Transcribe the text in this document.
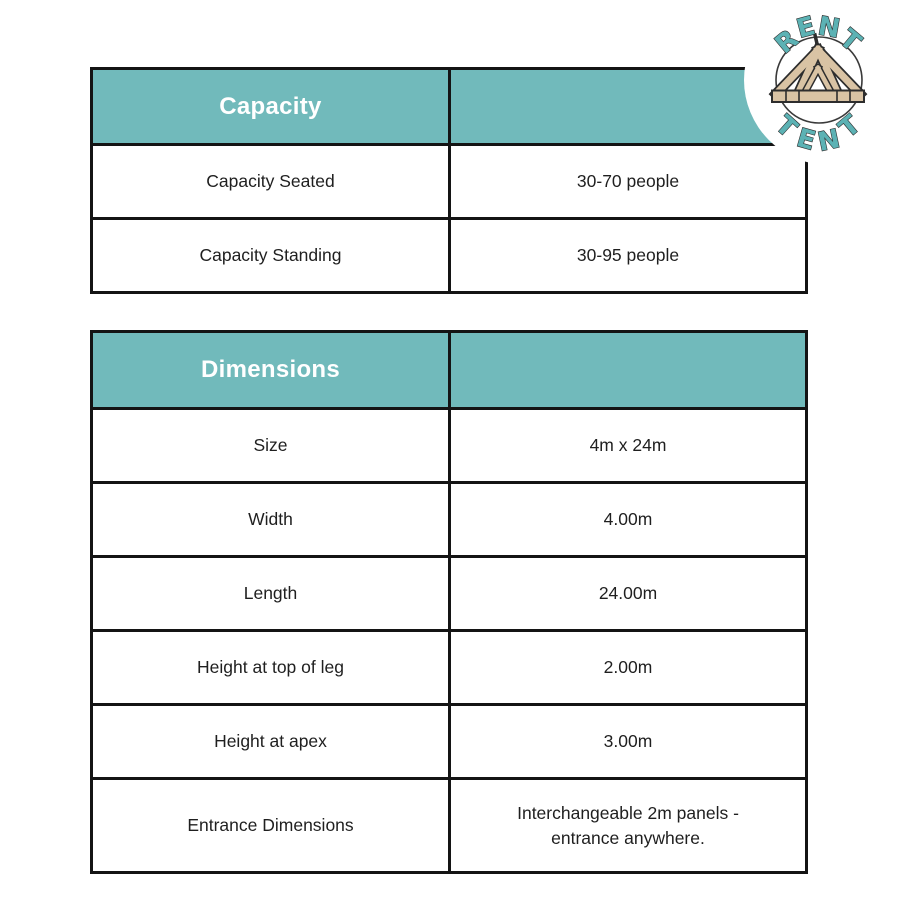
Capacity	
Capacity Seated	30-70 people
Capacity Standing	30-95 people
Dimensions	
Size	4m x 24m
Width	4.00m
Length	24.00m
Height at top of leg	2.00m
Height at apex	3.00m
Entrance Dimensions	Interchangeable 2m panels - entrance anywhere.
R
E
N
T
T
E
N
T
